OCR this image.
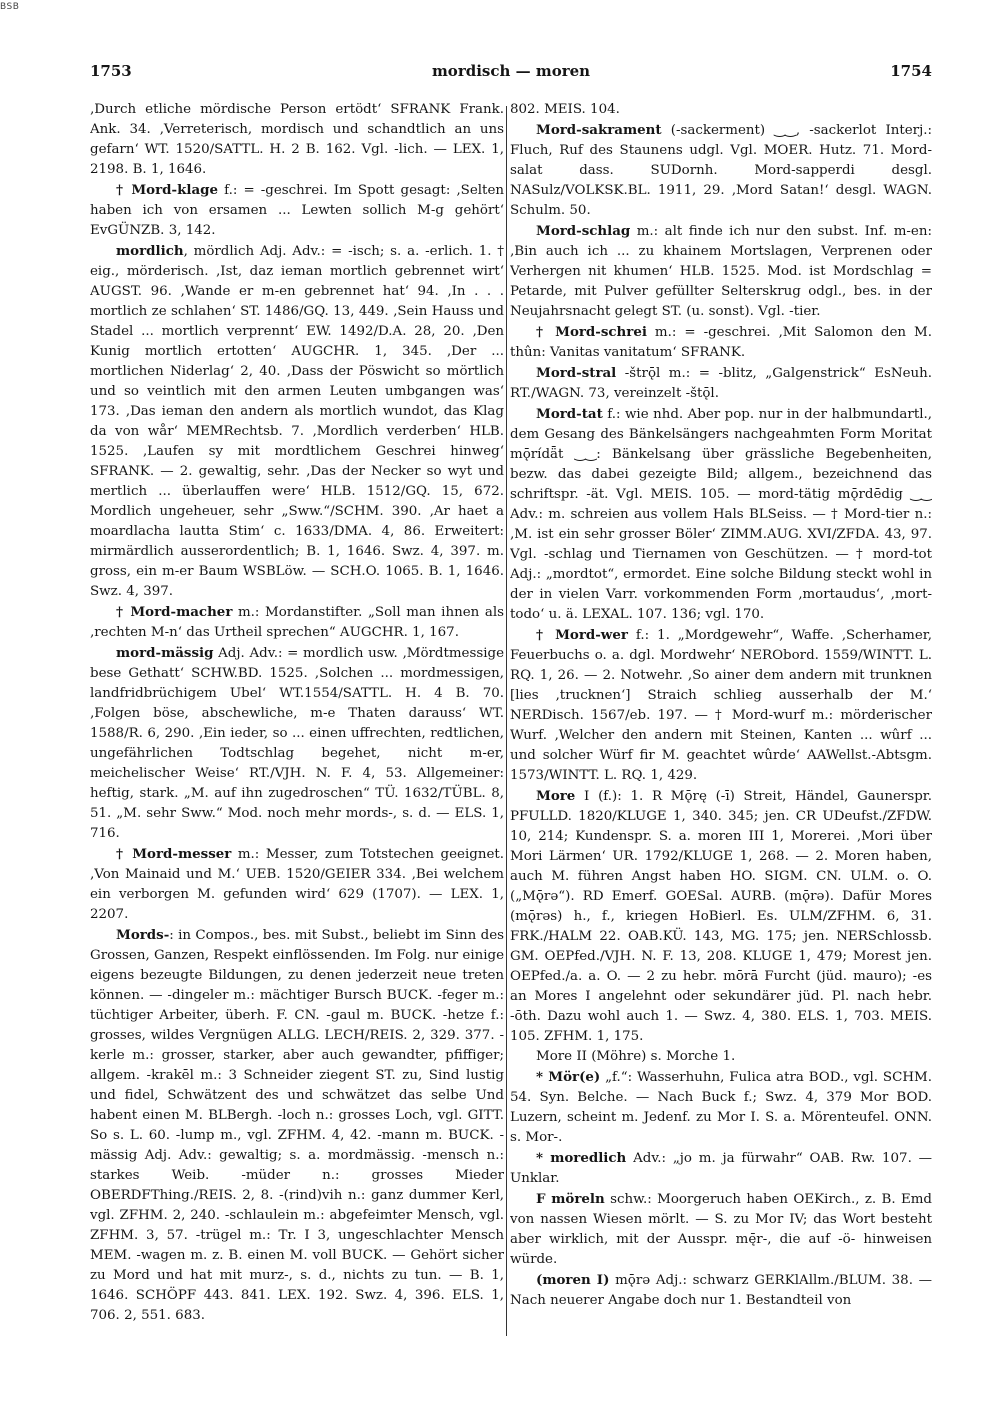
BSB
1753	mordisch — moren	1754

‚Durch etliche mördische Person ertödt‘ SFRANK Frank. Ank. 34. ‚Verreterisch, mordisch und schandtlich an uns gefarn‘ WT. 1520/SATTL. H. 2 B. 162. Vgl. -lich. — LEX. 1, 2198. B. 1, 1646.

† Mord-klage f.: = -geschrei. Im Spott gesagt: ‚Selten haben ich von ersamen ... Lewten sollich M-g gehört‘ EvGÜNZB. 3, 142.

mordlich, mördlich Adj. Adv.: = -isch; s. a. -erlich. 1. † eig., mörderisch. ‚Ist, daz ieman mortlich gebrennet wirt‘ AUGST. 96. ‚Wande er m-en gebrennet hat‘ 94. ‚In . . . mortlich ze schlahen‘ ST. 1486/GQ. 13, 449. ‚Sein Hauss und Stadel ... mortlich verprennt‘ EW. 1492/D.A. 28, 20. ‚Den Kunig mortlich ertotten‘ AUGCHR. 1, 345. ‚Der ... mortlichen Niderlag‘ 2, 40. ‚Dass der Pöswicht so mörtlich und so veintlich mit den armen Leuten umbgangen was‘ 173. ‚Das ieman den andern als mortlich wundot, das Klag da von wår‘ MEMRechtsb. 7. ‚Mordlich verderben‘ HLB. 1525. ‚Laufen sy mit mordtlichem Geschrei hinweg‘ SFRANK. — 2. gewaltig, sehr. ‚Das der Necker so wyt und mertlich ... überlauffen were‘ HLB. 1512/GQ. 15, 672. Mordlich ungeheuer, sehr „Sww.“/SCHM. 390. ‚Ar haet a moardlacha lautta Stim‘ c. 1633/DMA. 4, 86. Erweitert: mirmärdlich ausserordentlich; B. 1, 1646. Swz. 4, 397. m. gross, ein m-er Baum WSBLöw. — SCH.O. 1065. B. 1, 1646. Swz. 4, 397.

† Mord-macher m.: Mordanstifter. „Soll man ihnen als ‚rechten M-n‘ das Urtheil sprechen“ AUGCHR. 1, 167.

mord-mässig Adj. Adv.: = mordlich usw. ‚Mördtmessige bese Gethatt‘ SCHW.BD. 1525. ‚Solchen ... mordmessigen, landfridbrüchigem Ubel‘ WT.1554/SATTL. H. 4 B. 70. ‚Folgen böse, abschewliche, m-e Thaten darauss‘ WT. 1588/R. 6, 290. ‚Ein ieder, so ... einen uffrechten, redtlichen, ungefährlichen Todtschlag begehet, nicht m-er, meichelischer Weise‘ RT./VJH. N. F. 4, 53. Allgemeiner: heftig, stark. „M. auf ihn zugedroschen“ TÜ. 1632/TÜBL. 8, 51. „M. sehr Sww.“ Mod. noch mehr mords-, s. d. — ELS. 1, 716.

† Mord-messer m.: Messer, zum Totstechen geeignet. ‚Von Mainaid und M.‘ UEB. 1520/GEIER 334. ‚Bei welchem ein verborgen M. gefunden wird‘ 629 (1707). — LEX. 1, 2207.

Mords-: in Compos., bes. mit Subst., beliebt im Sinn des Grossen, Ganzen, Respekt einflössenden. Im Folg. nur einige eigens bezeugte Bildungen, zu denen jederzeit neue treten können. — -dingeler m.: mächtiger Bursch BUCK. -feger m.: tüchtiger Arbeiter, überh. F. CN. -gaul m. BUCK. -hetze f.: grosses, wildes Vergnügen ALLG. LECH/REIS. 2, 329. 377. -kerle m.: grosser, starker, aber auch gewandter, pfiffiger; allgem. -krakēl m.: 3 Schneider ziegent ST. zu, Sind lustig und fidel, Schwätzent des und schwätzet das selbe Und habent einen M. BLBergh. -loch n.: grosses Loch, vgl. GITT. So s. L. 60. -lump m., vgl. ZFHM. 4, 42. -mann m. BUCK. -mässig Adj. Adv.: gewaltig; s. a. mordmässig. -mensch n.: starkes Weib. -müder n.: grosses Mieder OBERDFThing./REIS. 2, 8. -(rind)vih n.: ganz dummer Kerl, vgl. ZFHM. 2, 240. -schlaulein m.: abgefeimter Mensch, vgl. ZFHM. 3, 57. -trügel m.: Tr. I 3, ungeschlachter Mensch MEM. -wagen m. z. B. einen M. voll BUCK. — Gehört sicher zu Mord und hat mit murz-, s. d., nichts zu tun. — B. 1, 1646. SCHÖPF 443. 841. LEX. 192. Swz. 4, 396. ELS. 1, 706. 2, 551. 683.

802. MEIS. 104.

Mord-sakrament (-sackerment) ‿‿, -sackerlot Interj.: Fluch, Ruf des Staunens udgl. Vgl. MOER. Hutz. 71. Mord-salat dass. SUDornh. Mord-sapperdi desgl. NASulz/VOLKSK.BL. 1911, 29. ‚Mord Satan!‘ desgl. WAGN. Schulm. 50.

Mord-schlag m.: alt finde ich nur den subst. Inf. m-en: ‚Bin auch ich ... zu khainem Mortslagen, Verprenen oder Verhergen nit khumen‘ HLB. 1525. Mod. ist Mordschlag = Petarde, mit Pulver gefüllter Selterskrug odgl., bes. in der Neujahrsnacht gelegt ST. (u. sonst). Vgl. -tier.

† Mord-schrei m.: = -geschrei. ‚Mit Salomon den M. thûn: Vanitas vanitatum‘ SFRANK.

Mord-stral -štrǭl m.: = -blitz, „Galgenstrick“ EsNeuh. RT./WAGN. 73, vereinzelt -štǭl.

Mord-tat f.: wie nhd. Aber pop. nur in der halbmundartl., dem Gesang des Bänkelsängers nachgeahmten Form Moritat mǭrídǟt ‿‿: Bänkelsang über grässliche Begebenheiten, bezw. das dabei gezeigte Bild; allgem., bezeichnend das schriftspr. -ät. Vgl. MEIS. 105. — mord-tätig mǭrdēdig ‿‿ Adv.: m. schreien aus vollem Hals BLSeiss. — † Mord-tier n.: ‚M. ist ein sehr grosser Böler‘ ZIMM.AUG. XVI/ZFDA. 43, 97. Vgl. -schlag und Tiernamen von Geschützen. — † mord-tot Adj.: „mordtot“, ermordet. Eine solche Bildung steckt wohl in der in vielen Varr. vorkommenden Form ‚mortaudus‘, ‚mort-todo‘ u. ä. LEXAL. 107. 136; vgl. 170.

† Mord-wer f.: 1. „Mordgewehr“, Waffe. ‚Scherhamer, Feuerbuchs o. a. dgl. Mordwehr‘ NERObord. 1559/WINTT. L. RQ. 1, 26. — 2. Notwehr. ‚So ainer dem andern mit trunknen [lies ‚trucknen‘] Straich schlieg ausserhalb der M.‘ NERDisch. 1567/eb. 197. — † Mord-wurf m.: mörderischer Wurf. ‚Welcher den andern mit Steinen, Kanten ... wûrf ... und solcher Würf fir M. geachtet wûrde‘ AAWellst.-Abtsgm. 1573/WINTT. L. RQ. 1, 429.

More I (f.): 1. R Mǭrę (-ī) Streit, Händel, Gaunerspr. PFULLD. 1820/KLUGE 1, 340. 345; jen. CR UDeufst./ZFDW. 10, 214; Kundenspr. S. a. moren III 1, Morerei. ‚Mori über Mori Lärmen‘ UR. 1792/KLUGE 1, 268. — 2. Moren haben, auch M. führen Angst haben HO. SIGM. CN. ULM. o. O. („Mǭrə“). RD Emerf. GOESal. AURB. (mǭrə). Dafür Mores (mǭrəs) h., f., kriegen HoBierl. Es. ULM/ZFHM. 6, 31. FRK./HALM 22. OAB.KÜ. 143, MG. 175; jen. NERSchlossb. GM. OEPfed./VJH. N. F. 13, 208. KLUGE 1, 479; Morest jen. OEPfed./a. a. O. — 2 zu hebr. mōrā Furcht (jüd. mauro); -es an Mores I angelehnt oder sekundärer jüd. Pl. nach hebr. -ōth. Dazu wohl auch 1. — Swz. 4, 380. ELS. 1, 703. MEIS. 105. ZFHM. 1, 175.

More II (Möhre) s. Morche 1.

* Mör(e) „f.“: Wasserhuhn, Fulica atra BOD., vgl. SCHM. 54. Syn. Belche. — Nach Buck f.; Swz. 4, 379 Mor BOD. Luzern, scheint m. Jedenf. zu Mor I. S. a. Mörenteufel. ONN. s. Mor-.

* moredlich Adv.: „jo m. ja fürwahr“ OAB. Rw. 107. — Unklar.

F möreln schw.: Moorgeruch haben OEKirch., z. B. Emd von nassen Wiesen mörlt. — S. zu Mor IV; das Wort besteht aber wirklich, mit der Ausspr. mę̄r-, die auf -ö- hinweisen würde.

(moren I) mǭrə Adj.: schwarz GERKlAllm./BLUM. 38. — Nach neuerer Angabe doch nur 1. Bestandteil von
